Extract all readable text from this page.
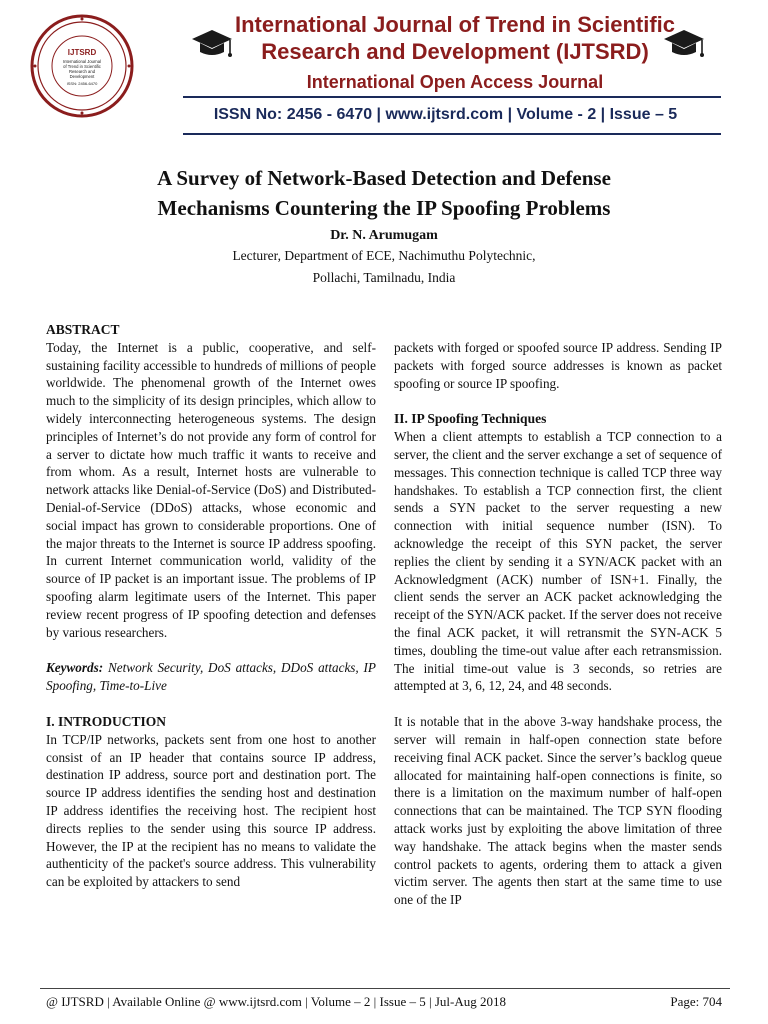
IJTSRD
International Journal
of Trend in Scientific
Research and
Development
ISSN: 2456-6470
International Journal of Trend in Scientific
Research and Development (IJTSRD)
International Open Access Journal
ISSN No: 2456 - 6470 | www.ijtsrd.com | Volume - 2 | Issue – 5
A Survey of Network-Based Detection and Defense
Mechanisms Countering the IP Spoofing Problems
Dr. N. Arumugam
Lecturer, Department of ECE, Nachimuthu Polytechnic,
Pollachi, Tamilnadu, India

ABSTRACT

Today, the Internet is a public, cooperative, and self-sustaining facility accessible to hundreds of millions of people worldwide. The phenomenal growth of the Internet owes much to the simplicity of its design principles, which allow to widely interconnecting heterogeneous systems. The design principles of Internet’s do not provide any form of control for a server to dictate how much traffic it wants to receive and from whom. As a result, Internet hosts are vulnerable to network attacks like Denial-of-Service (DoS) and Distributed-Denial-of-Service (DDoS) attacks, whose economic and social impact has grown to considerable proportions. One of the major threats to the Internet is source IP address spoofing. In current Internet communication world, validity of the source of IP packet is an important issue. The problems of IP spoofing alarm legitimate users of the Internet. This paper review recent progress of IP spoofing detection and defenses by various researchers.

Keywords: Network Security, DoS attacks, DDoS attacks, IP Spoofing, Time-to-Live

I. INTRODUCTION

In TCP/IP networks, packets sent from one host to another consist of an IP header that contains source IP address, destination IP address, source port and destination port. The source IP address identifies the sending host and destination IP address identifies the receiving host. The recipient host directs replies to the sender using this source IP address. However, the IP at the recipient has no means to validate the authenticity of the packet's source address. This vulnerability can be exploited by attackers to send

packets with forged or spoofed source IP address. Sending IP packets with forged source addresses is known as packet spoofing or source IP spoofing.

II. IP Spoofing Techniques

When a client attempts to establish a TCP connection to a server, the client and the server exchange a set of sequence of messages. This connection technique is called TCP three way handshakes. To establish a TCP connection first, the client sends a SYN packet to the server requesting a new connection with initial sequence number (ISN). To acknowledge the receipt of this SYN packet, the server replies the client by sending it a SYN/ACK packet with an Acknowledgment (ACK) number of ISN+1. Finally, the client sends the server an ACK packet acknowledging the receipt of the SYN/ACK packet. If the server does not receive the final ACK packet, it will retransmit the SYN-ACK 5 times, doubling the time-out value after each retransmission. The initial time-out value is 3 seconds, so retries are attempted at 3, 6, 12, 24, and 48 seconds.

It is notable that in the above 3-way handshake process, the server will remain in half-open connection state before receiving final ACK packet. Since the server’s backlog queue allocated for maintaining half-open connections is finite, so there is a limitation on the maximum number of half-open connections that can be maintained. The TCP SYN flooding attack works just by exploiting the above limitation of three way handshake. The attack begins when the master sends control packets to agents, ordering them to attack a given victim server. The agents then start at the same time to use one of the IP

@ IJTSRD | Available Online @ www.ijtsrd.com | Volume – 2 | Issue – 5 | Jul-Aug 2018	Page: 704
